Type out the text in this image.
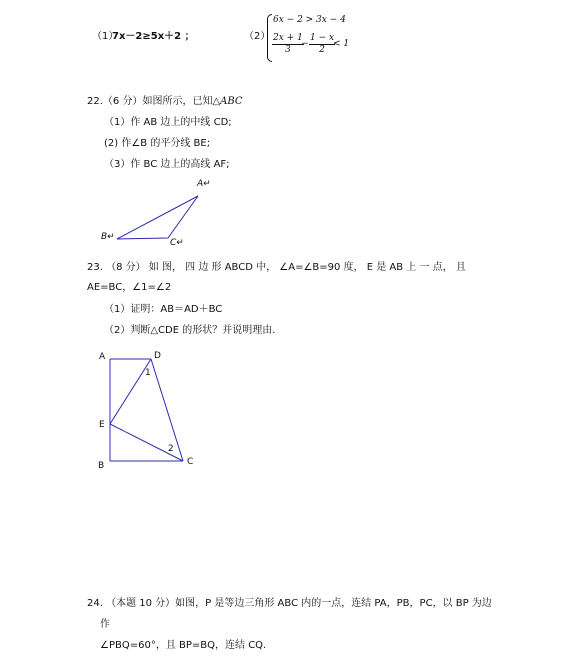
（1）
7x－2≥5x＋2 ；	（2）
6x − 2 > 3x − 4
$\frac{2x + 1}{3}$
− $\frac{1 - x}{2}$
< 1
22.（6 分）如图所示，已知△ABC
（1）作 AB 边上的中线 CD;
(2) 作∠B 的平分线 BE;
（3）作 BC 边上的高线 AF;
A↵
B↵
C↵
23. （8 分） 如 图， 四 边 形 ABCD 中， ∠A=∠B=90 度， E 是 AB 上 一 点， 且
AE=BC，∠1=∠2
（1）证明：AB＝AD＋BC
（2）判断△CDE 的形状？并说明理由.
A	D
1
E
2
B	C
24. （本题 10 分）如图，P 是等边三角形 ABC 内的一点，连结 PA，PB，PC，以 BP 为边
作
∠PBQ=60°，且 BP=BQ，连结 CQ.
